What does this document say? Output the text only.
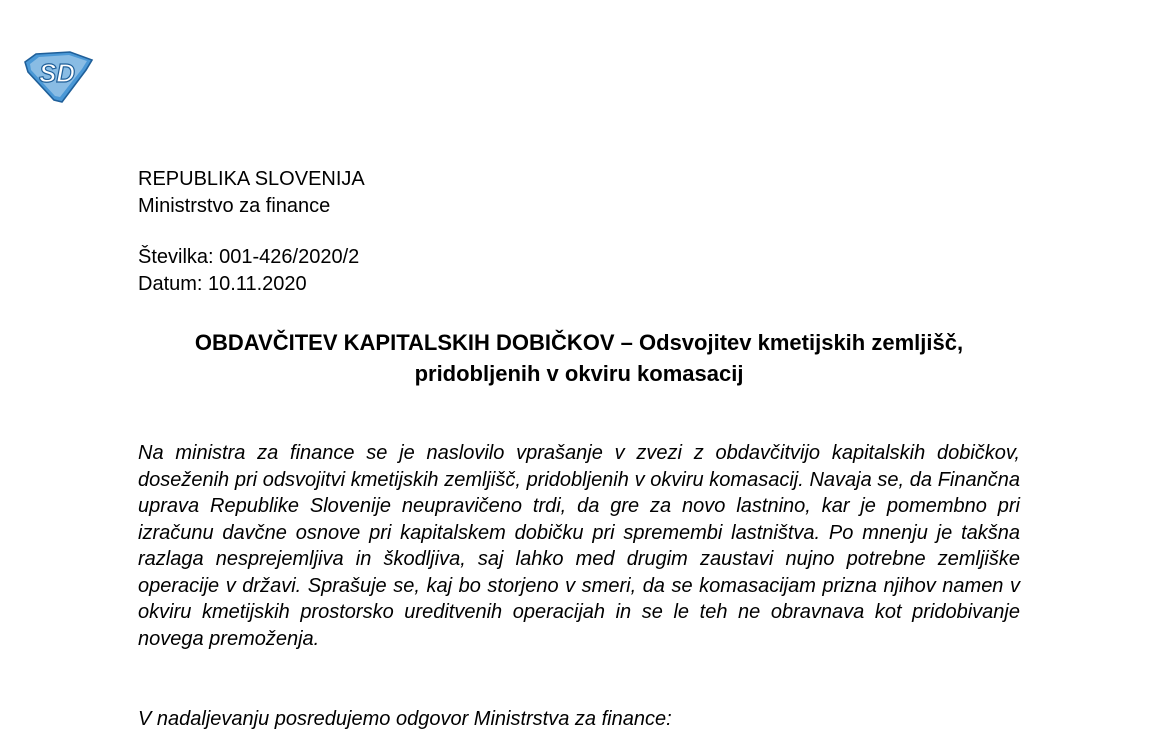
SD
REPUBLIKA SLOVENIJA
Ministrstvo za finance
Številka: 001-426/2020/2
Datum: 10.11.2020
OBDAVČITEV KAPITALSKIH DOBIČKOV – Odsvojitev kmetijskih zemljišč, pridobljenih v okviru komasacij
Na ministra za finance se je naslovilo vprašanje v zvezi z obdavčitvijo kapitalskih dobičkov, doseženih pri odsvojitvi kmetijskih zemljišč, pridobljenih v okviru komasacij. Navaja se, da Finančna uprava Republike Slovenije neupravičeno trdi, da gre za novo lastnino, kar je pomembno pri izračunu davčne osnove pri kapitalskem dobičku pri spremembi lastništva. Po mnenju je takšna razlaga nesprejemljiva in škodljiva, saj lahko med drugim zaustavi nujno potrebne zemljiške operacije v državi. Sprašuje se, kaj bo storjeno v smeri, da se komasacijam prizna njihov namen v okviru kmetijskih prostorsko ureditvenih operacijah in se le teh ne obravnava kot pridobivanje novega premoženja.
V nadaljevanju posredujemo odgovor Ministrstva za finance:
